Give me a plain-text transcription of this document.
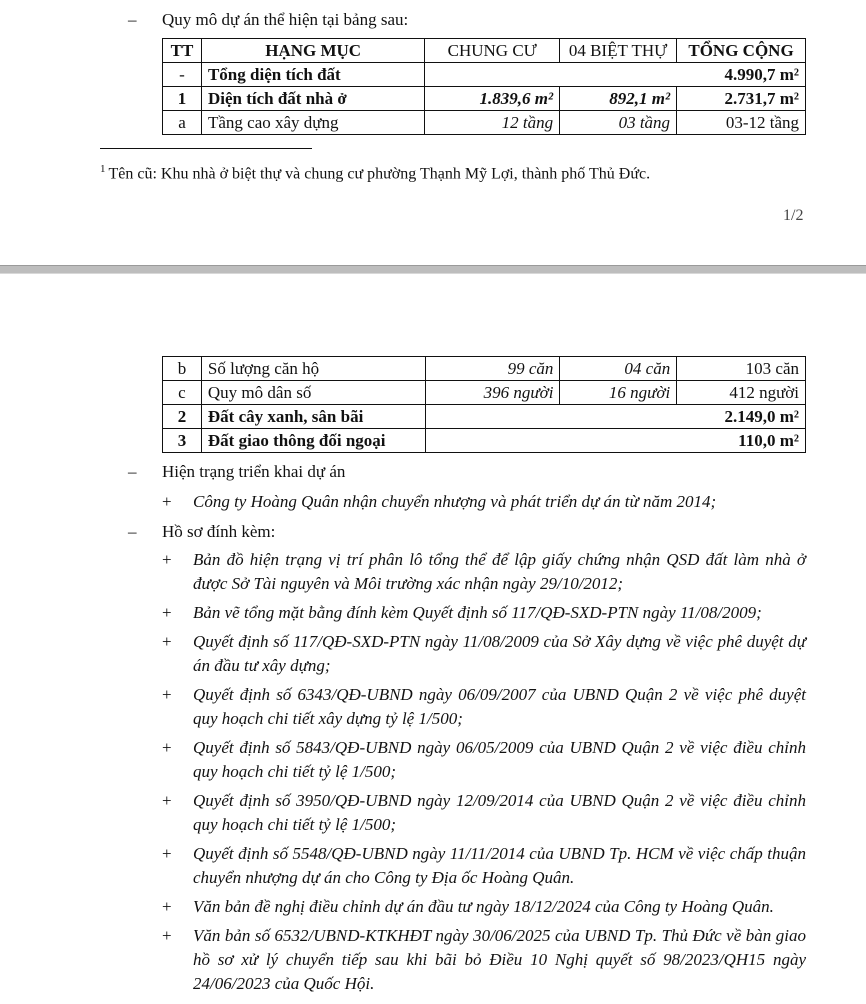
– Quy mô dự án thể hiện tại bảng sau:
TT	HẠNG MỤC	CHUNG CƯ	04 BIỆT THỰ	TỔNG CỘNG
-	Tổng diện tích đất	4.990,7 m²		
1	Diện tích đất nhà ở	1.839,6 m²	892,1 m²	2.731,7 m²
a	Tầng cao xây dựng	12 tầng	03 tầng	03-12 tầng
$^1$ Tên cũ: Khu nhà ở biệt thự và chung cư phường Thạnh Mỹ Lợi, thành phố Thủ Đức.
1/2
b	Số lượng căn hộ	99 căn	04 căn	103 căn
c	Quy mô dân số	396 người	16 người	412 người
2	Đất cây xanh, sân bãi	2.149,0 m²		
3	Đất giao thông đối ngoại	110,0 m²		
– Hiện trạng triển khai dự án
+ Công ty Hoàng Quân nhận chuyển nhượng và phát triển dự án từ năm 2014;
– Hồ sơ đính kèm:
+ Bản đồ hiện trạng vị trí phân lô tổng thể để lập giấy chứng nhận QSD đất làm nhà ở được Sở Tài nguyên và Môi trường xác nhận ngày 29/10/2012;
+ Bản vẽ tổng mặt bằng đính kèm Quyết định số 117/QĐ-SXD-PTN ngày 11/08/2009;
+ Quyết định số 117/QĐ-SXD-PTN ngày 11/08/2009 của Sở Xây dựng về việc phê duyệt dự án đầu tư xây dựng;
+ Quyết định số 6343/QĐ-UBND ngày 06/09/2007 của UBND Quận 2 về việc phê duyệt quy hoạch chi tiết xây dựng tỷ lệ 1/500;
+ Quyết định số 5843/QĐ-UBND ngày 06/05/2009 của UBND Quận 2 về việc điều chỉnh quy hoạch chi tiết tỷ lệ 1/500;
+ Quyết định số 3950/QĐ-UBND ngày 12/09/2014 của UBND Quận 2 về việc điều chỉnh quy hoạch chi tiết tỷ lệ 1/500;
+ Quyết định số 5548/QĐ-UBND ngày 11/11/2014 của UBND Tp. HCM về việc chấp thuận chuyển nhượng dự án cho Công ty Địa ốc Hoàng Quân.
+ Văn bản đề nghị điều chỉnh dự án đầu tư ngày 18/12/2024 của Công ty Hoàng Quân.
+ Văn bản số 6532/UBND-KTKHĐT ngày 30/06/2025 của UBND Tp. Thủ Đức về bàn giao hồ sơ xử lý chuyển tiếp sau khi bãi bỏ Điều 10 Nghị quyết số 98/2023/QH15 ngày 24/06/2023 của Quốc Hội.
